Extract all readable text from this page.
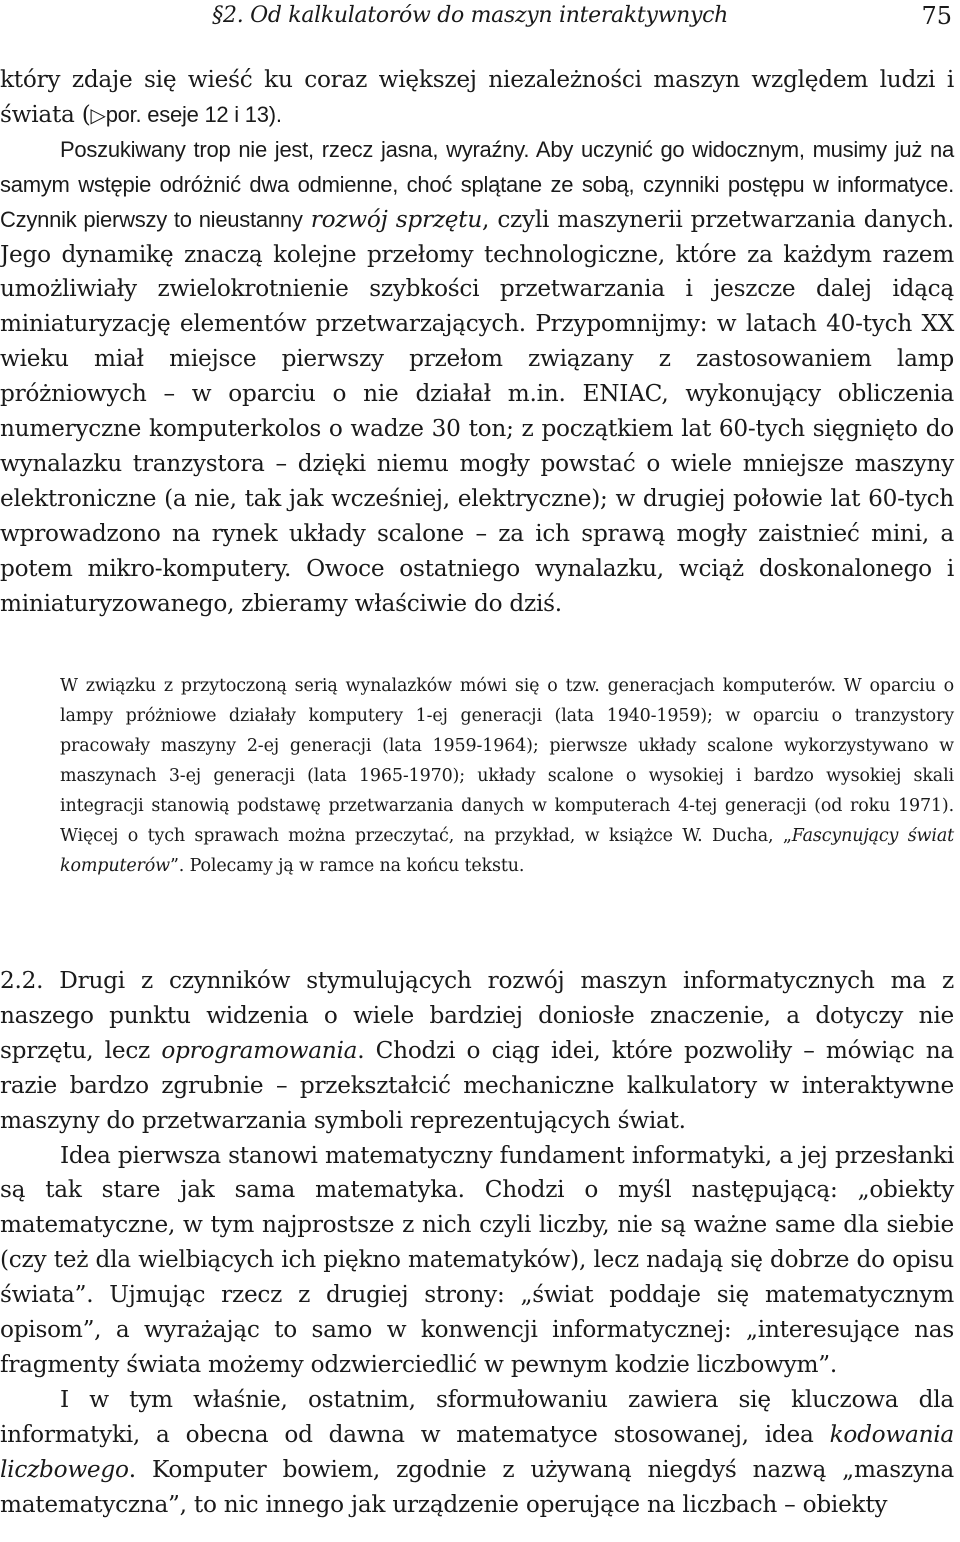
§2. Od kalkulatorów do maszyn interaktywnych	75

który zdaje się wieść ku coraz większej niezależności maszyn względem ludzi i świata (▷por. eseje 12 i 13).

Poszukiwany trop nie jest, rzecz jasna, wyraźny. Aby uczynić go widocznym, musimy już na samym wstępie odróżnić dwa odmienne, choć splątane ze sobą, czynniki postępu w informatyce. Czynnik pierwszy to nieustanny rozwój sprzętu, czyli maszynerii przetwarzania danych. Jego dynamikę znaczą kolejne przełomy technologiczne, które za każdym razem umożliwiały zwielokrotnienie szybkości przetwarzania i jeszcze dalej idącą miniaturyzację elementów przetwarzających. Przypomnijmy: w latach 40-tych XX wieku miał miejsce pierwszy przełom związany z zastosowaniem lamp próżniowych – w oparciu o nie działał m.in. ENIAC, wykonujący obliczenia numeryczne komputerkolos o wadze 30 ton; z początkiem lat 60-tych sięgnięto do wynalazku tranzystora – dzięki niemu mogły powstać o wiele mniejsze maszyny elektroniczne (a nie, tak jak wcześniej, elektryczne); w drugiej połowie lat 60-tych wprowadzono na rynek układy scalone – za ich sprawą mogły zaistnieć mini, a potem mikro-komputery. Owoce ostatniego wynalazku, wciąż doskonalonego i miniaturyzowanego, zbieramy właściwie do dziś.

W związku z przytoczoną serią wynalazków mówi się o tzw. generacjach komputerów. W oparciu o lampy próżniowe działały komputery 1-ej generacji (lata 1940-1959); w oparciu o tranzystory pracowały maszyny 2-ej generacji (lata 1959-1964); pierwsze układy scalone wykorzystywano w maszynach 3-ej generacji (lata 1965-1970); układy scalone o wysokiej i bardzo wysokiej skali integracji stanowią podstawę przetwarzania danych w komputerach 4-tej generacji (od roku 1971). Więcej o tych sprawach można przeczytać, na przykład, w książce W. Ducha, „Fascynujący świat komputerów”. Polecamy ją w ramce na końcu tekstu.

2.2. Drugi z czynników stymulujących rozwój maszyn informatycznych ma z naszego punktu widzenia o wiele bardziej doniosłe znaczenie, a dotyczy nie sprzętu, lecz oprogramowania. Chodzi o ciąg idei, które pozwoliły – mówiąc na razie bardzo zgrubnie – przekształcić mechaniczne kalkulatory w interaktywne maszyny do przetwarzania symboli reprezentujących świat.

Idea pierwsza stanowi matematyczny fundament informatyki, a jej przesłanki są tak stare jak sama matematyka. Chodzi o myśl następującą: „obiekty matematyczne, w tym najprostsze z nich czyli liczby, nie są ważne same dla siebie (czy też dla wielbiących ich piękno matematyków), lecz nadają się dobrze do opisu świata”. Ujmując rzecz z drugiej strony: „świat poddaje się matematycznym opisom”, a wyrażając to samo w konwencji informatycznej: „interesujące nas fragmenty świata możemy odzwierciedlić w pewnym kodzie liczbowym”.

I w tym właśnie, ostatnim, sformułowaniu zawiera się kluczowa dla informatyki, a obecna od dawna w matematyce stosowanej, idea kodowania liczbowego. Komputer bowiem, zgodnie z używaną niegdyś nazwą „maszyna matematyczna”, to nic innego jak urządzenie operujące na liczbach – obiekty
